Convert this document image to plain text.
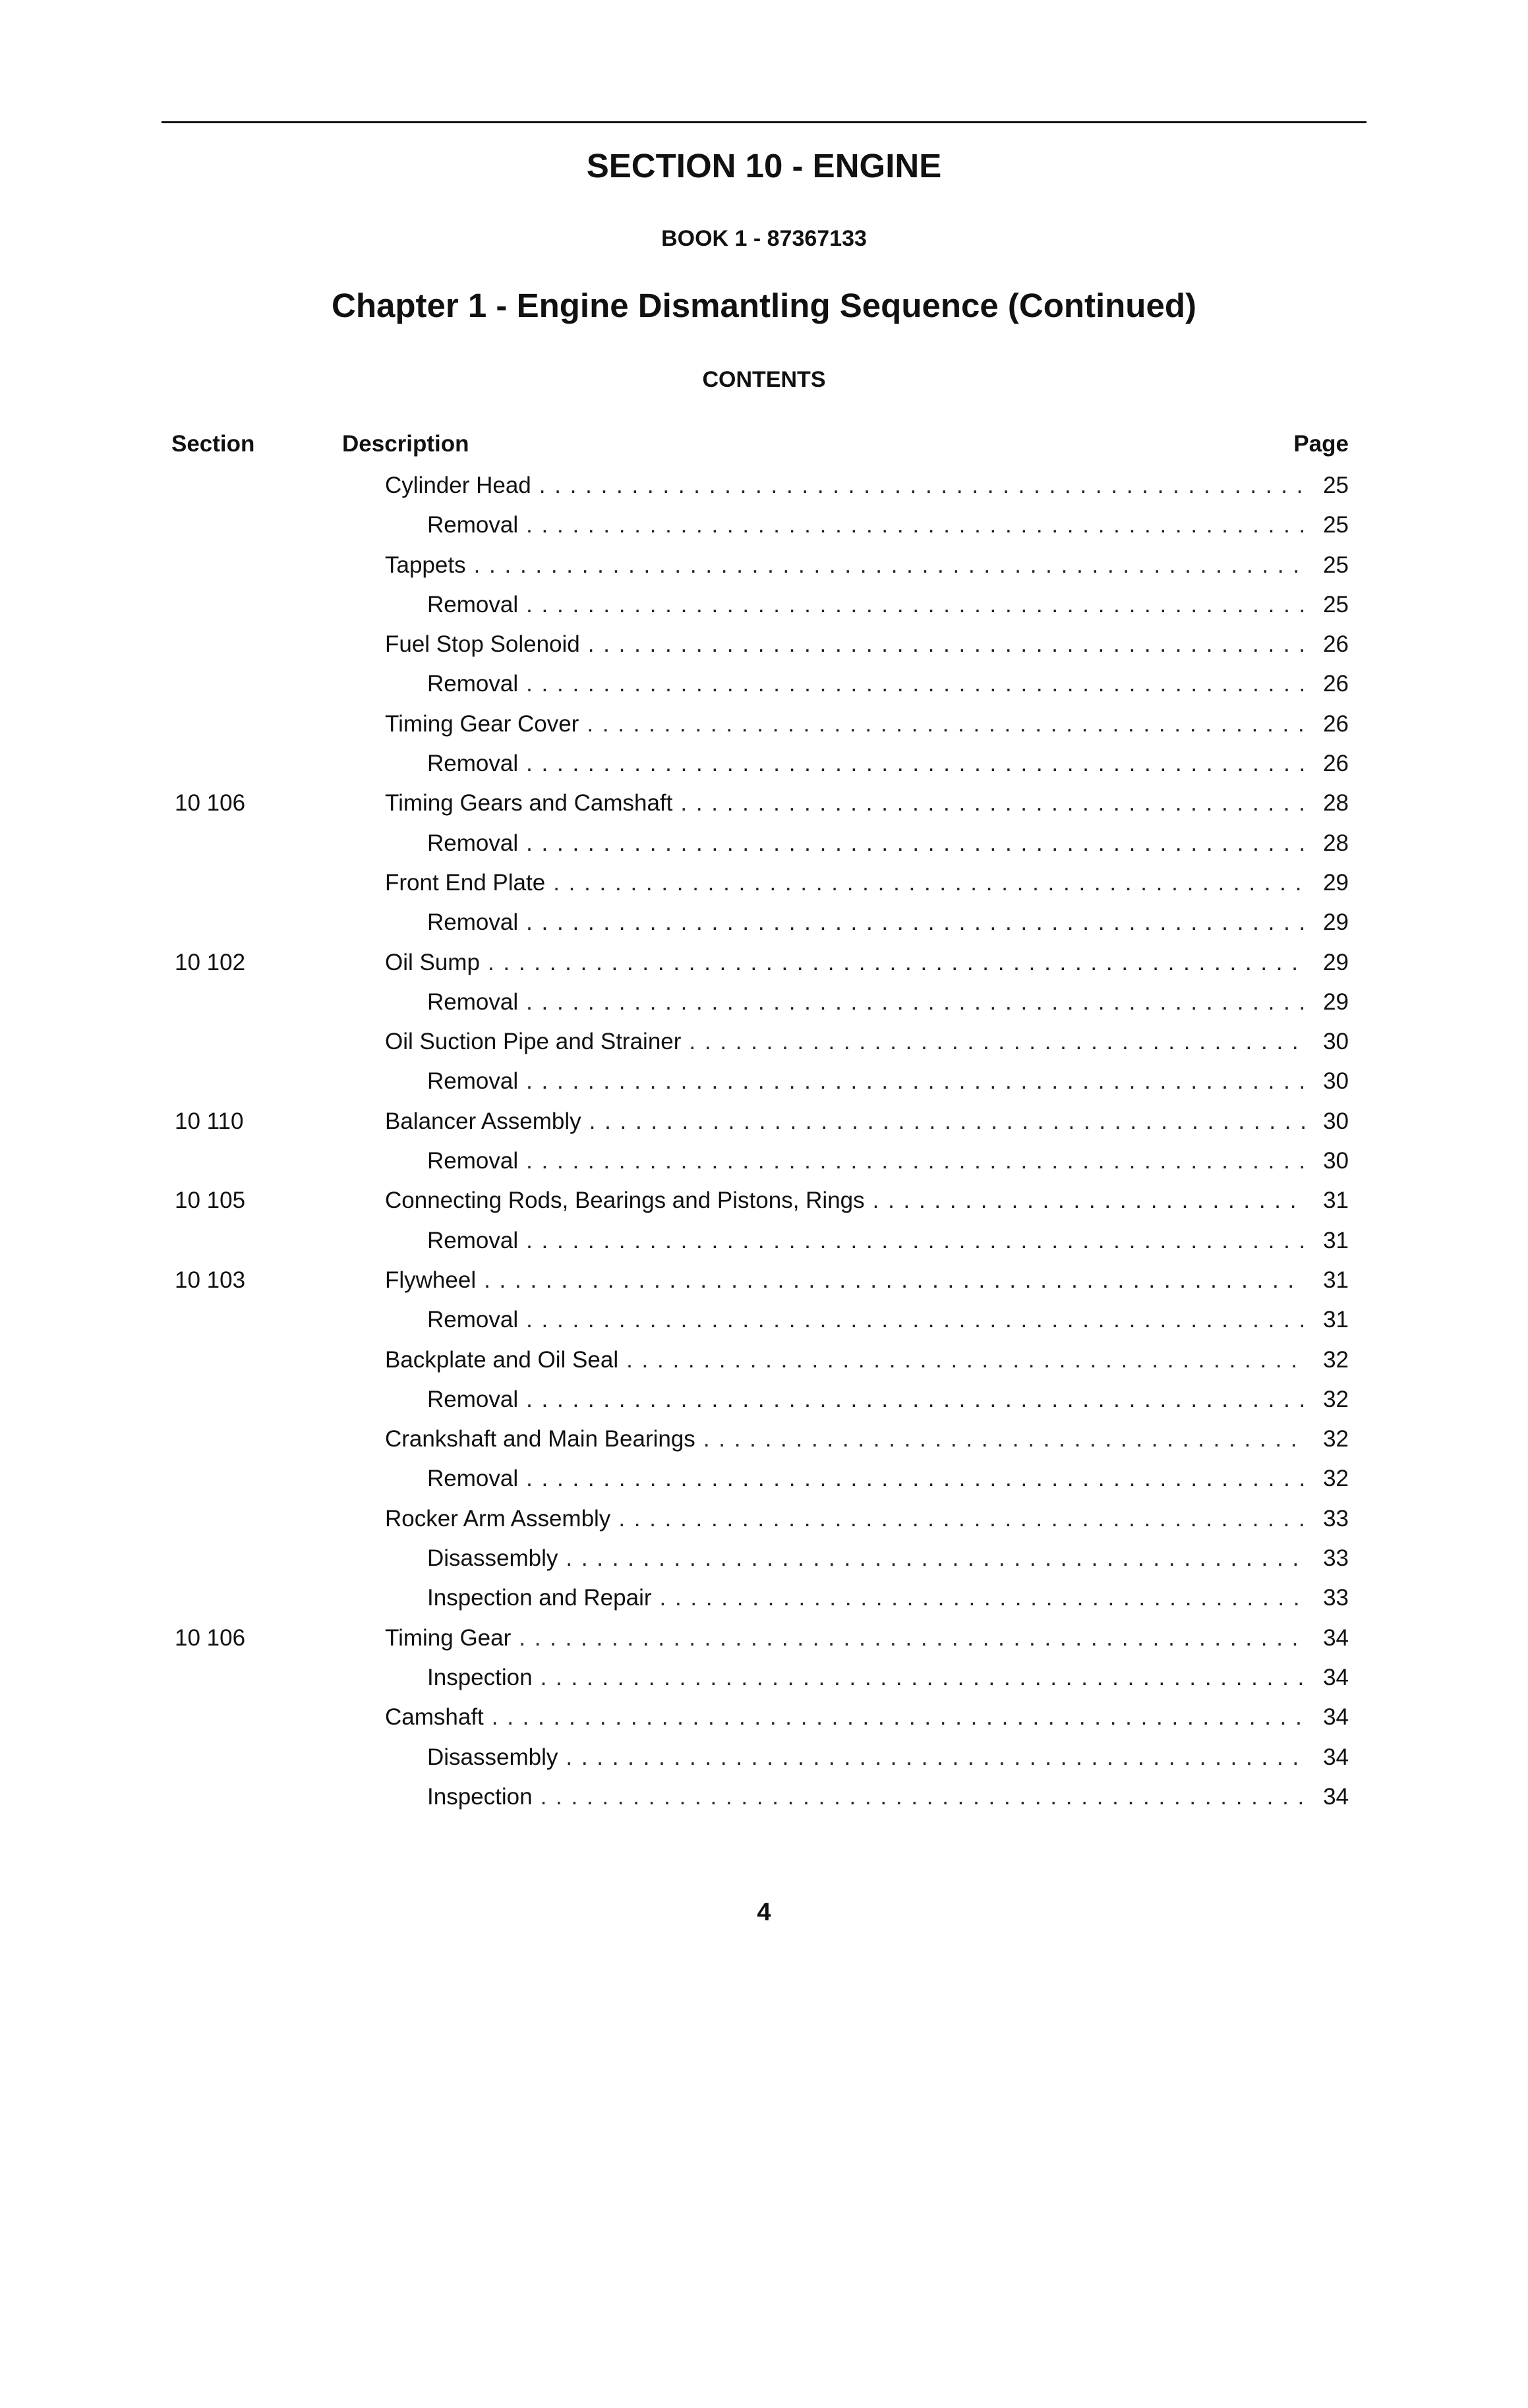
SECTION 10 - ENGINE
BOOK 1 - 87367133
Chapter 1 - Engine Dismantling Sequence (Continued)
CONTENTS
Section	Description	Page
Cylinder Head . . .	25
Removal . . .	25
Tappets . . .	25
Removal . . .	25
Fuel Stop Solenoid . . .	26
Removal . . .	26
Timing Gear Cover . . .	26
Removal . . .	26
10 106	Timing Gears and Camshaft . . .	28
Removal . . .	28
Front End Plate . . .	29
Removal . . .	29
10 102	Oil Sump . . .	29
Removal . . .	29
Oil Suction Pipe and Strainer . . .	30
Removal . . .	30
10 110	Balancer Assembly . . .	30
Removal . . .	30
10 105	Connecting Rods, Bearings and Pistons, Rings . . .	31
Removal . . .	31
10 103	Flywheel . . .	31
Removal . . .	31
Backplate and Oil Seal . . .	32
Removal . . .	32
Crankshaft and Main Bearings . . .	32
Removal . . .	32
Rocker Arm Assembly . . .	33
Disassembly . . .	33
Inspection and Repair . . .	33
10 106	Timing Gear . . .	34
Inspection . . .	34
Camshaft . . .	34
Disassembly . . .	34
Inspection . . .	34
4
